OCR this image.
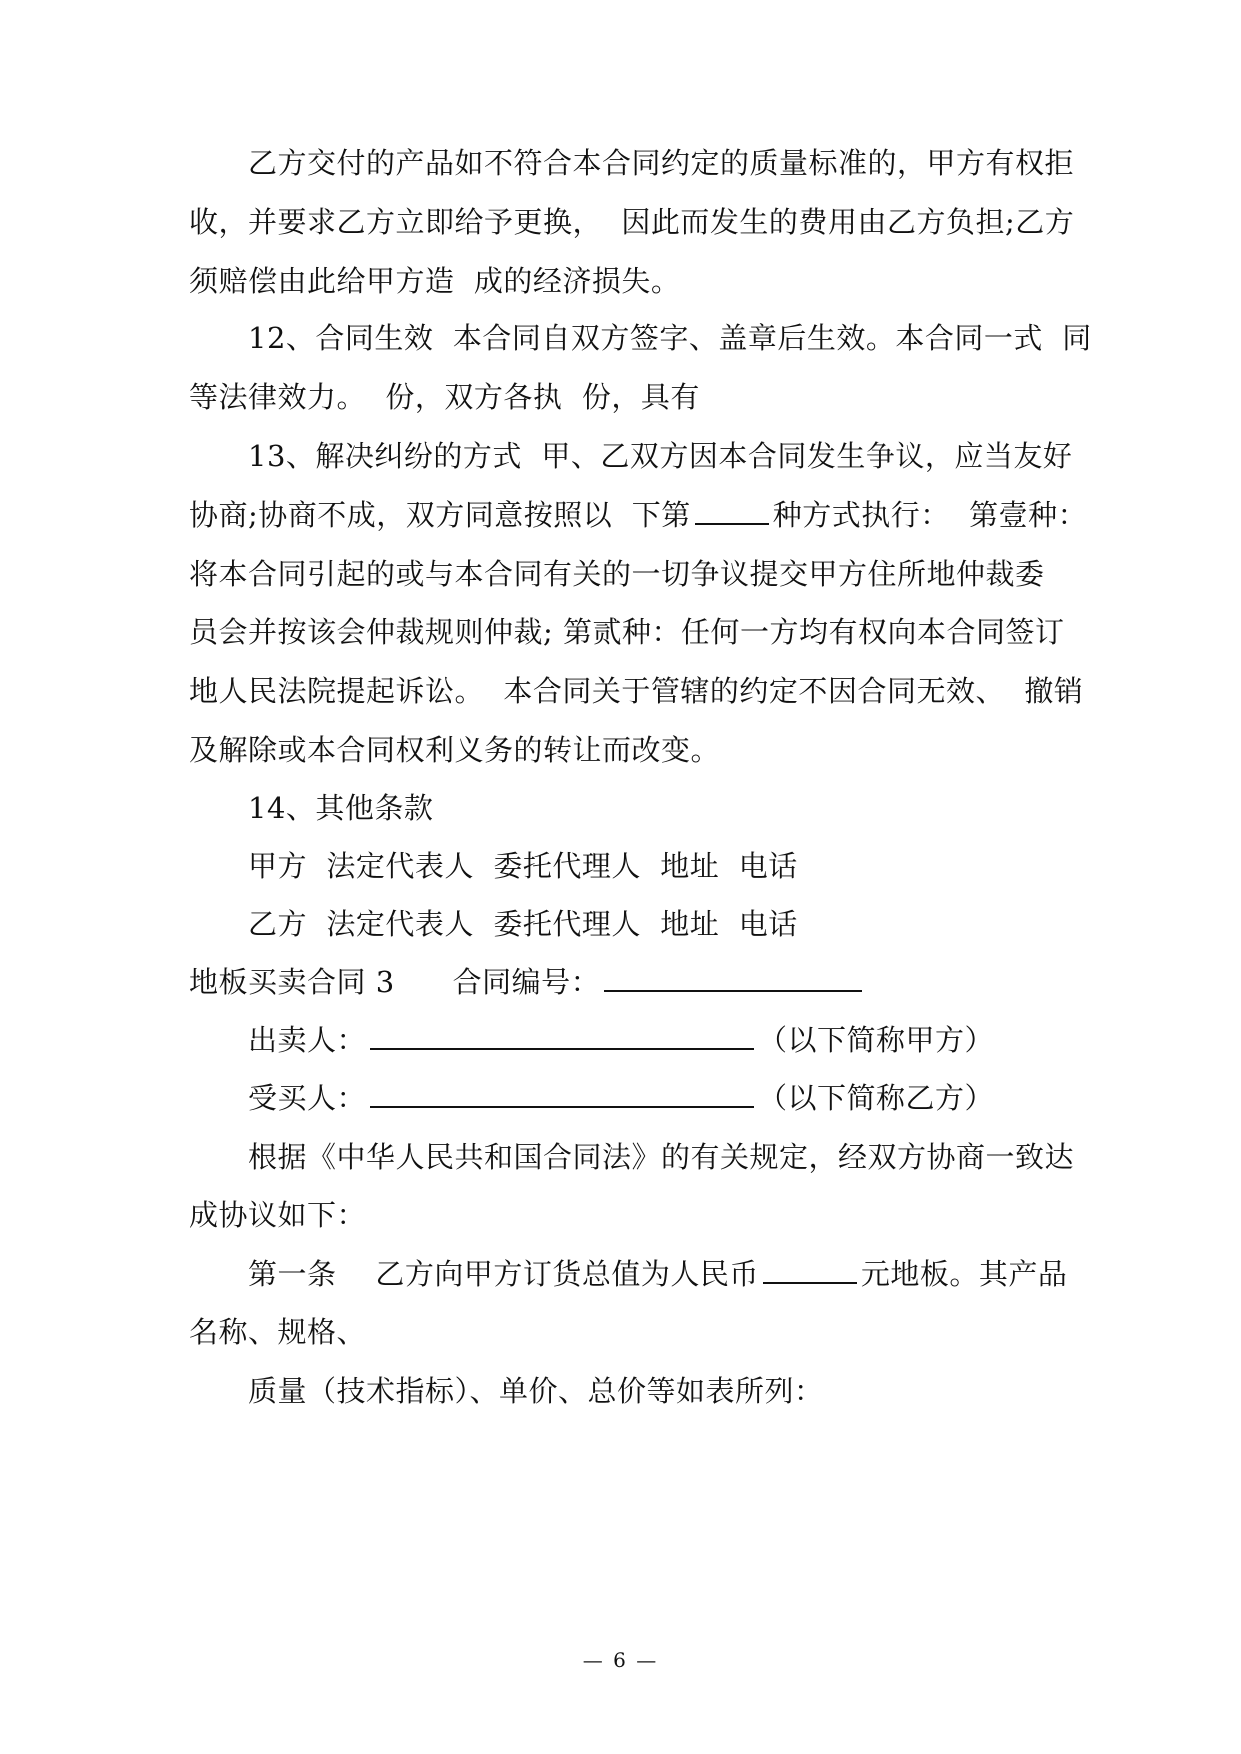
乙方交付的产品如不符合本合同约定的质量标准的，甲方有权拒
收，并要求乙方立即给予更换，  因此而发生的费用由乙方负担;乙方
须赔偿由此给甲方造  成的经济损失。
12、合同生效  本合同自双方签字、盖章后生效。本合同一式  同
等法律效力。  份，双方各执  份，具有
13、解决纠纷的方式  甲、乙双方因本合同发生争议，应当友好
协商;协商不成，双方同意按照以  下第	种方式执行：  第壹种：
将本合同引起的或与本合同有关的一切争议提交甲方住所地仲裁委
员会并按该会仲裁规则仲裁; 第贰种：任何一方均有权向本合同签订
地人民法院提起诉讼。  本合同关于管辖的约定不因合同无效、  撤销
及解除或本合同权利义务的转让而改变。
14、其他条款
甲方  法定代表人  委托代理人  地址  电话
乙方  法定代表人  委托代理人  地址  电话
地板买卖合同 3 合同编号：
出卖人：	（以下简称甲方）
受买人：	（以下简称乙方）
根据《中华人民共和国合同法》的有关规定，经双方协商一致达
成协议如下：
第一条    乙方向甲方订货总值为人民币	元地板。其产品
名称、规格、
质量（技术指标）、单价、总价等如表所列：
— 6 —
